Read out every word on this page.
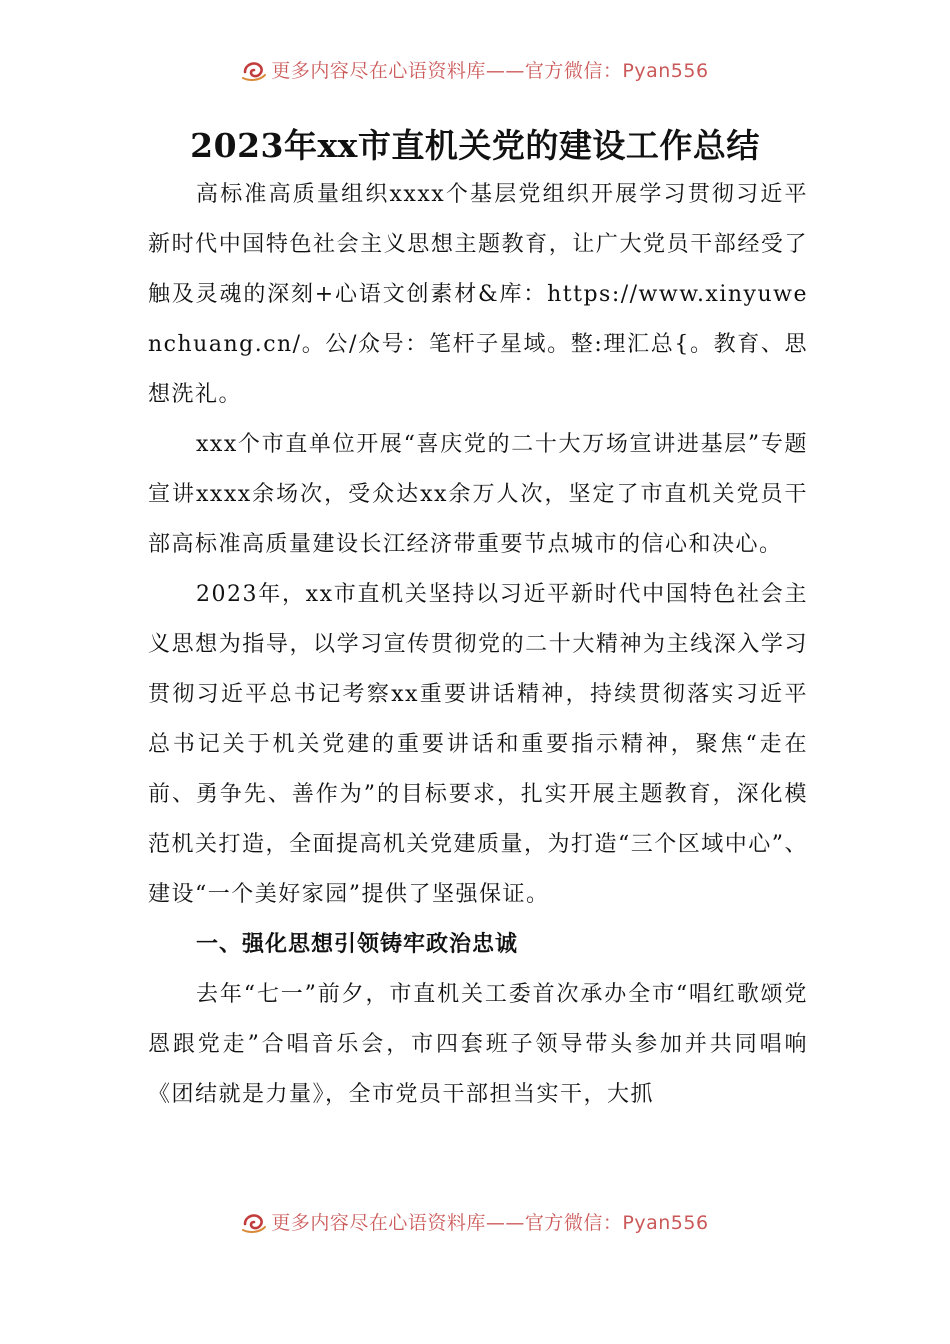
更多内容尽在心语资料库——官方微信：Pyan556
2023年xx市直机关党的建设工作总结

高标准高质量组织xxxx个基层党组织开展学习贯彻习近平新时代中国特色社会主义思想主题教育，让广大党员干部经受了触及灵魂的深刻+心语文创素材&库：https://www.xinyuwenchuang.cn/。公/众号：笔杆子星域。整:理汇总{。教育、思想洗礼。

xxx个市直单位开展“喜庆党的二十大万场宣讲进基层”专题宣讲xxxx余场次，受众达xx余万人次，坚定了市直机关党员干部高标准高质量建设长江经济带重要节点城市的信心和决心。

2023年，xx市直机关坚持以习近平新时代中国特色社会主义思想为指导，以学习宣传贯彻党的二十大精神为主线深入学习贯彻习近平总书记考察xx重要讲话精神，持续贯彻落实习近平总书记关于机关党建的重要讲话和重要指示精神，聚焦“走在前、勇争先、善作为”的目标要求，扎实开展主题教育，深化模范机关打造，全面提高机关党建质量，为打造“三个区域中心”、建设“一个美好家园”提供了坚强保证。

一、强化思想引领铸牢政治忠诚

去年“七一”前夕，市直机关工委首次承办全市“唱红歌颂党恩跟党走”合唱音乐会，市四套班子领导带头参加并共同唱响《团结就是力量》，全市党员干部担当实干，大抓

更多内容尽在心语资料库——官方微信：Pyan556
